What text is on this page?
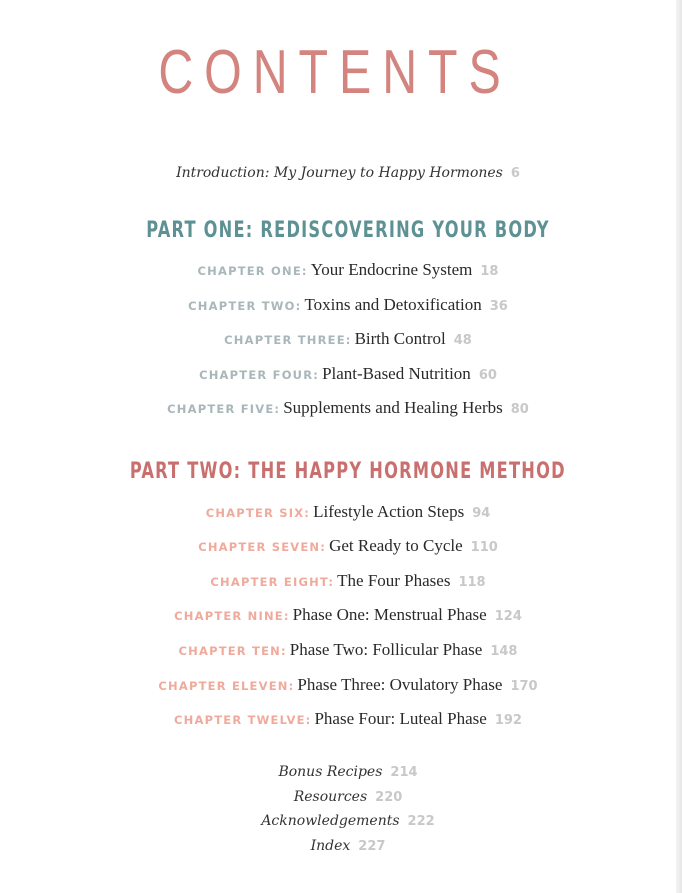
CONTENTS
Introduction: My Journey to Happy Hormones 6
PART ONE: REDISCOVERING YOUR BODY
CHAPTER ONE: Your Endocrine System 18
CHAPTER TWO: Toxins and Detoxification 36
CHAPTER THREE: Birth Control 48
CHAPTER FOUR: Plant-Based Nutrition 60
CHAPTER FIVE: Supplements and Healing Herbs 80
PART TWO: THE HAPPY HORMONE METHOD
CHAPTER SIX: Lifestyle Action Steps 94
CHAPTER SEVEN: Get Ready to Cycle 110
CHAPTER EIGHT: The Four Phases 118
CHAPTER NINE: Phase One: Menstrual Phase 124
CHAPTER TEN: Phase Two: Follicular Phase 148
CHAPTER ELEVEN: Phase Three: Ovulatory Phase 170
CHAPTER TWELVE: Phase Four: Luteal Phase 192
Bonus Recipes 214
Resources 220
Acknowledgements 222
Index 227
